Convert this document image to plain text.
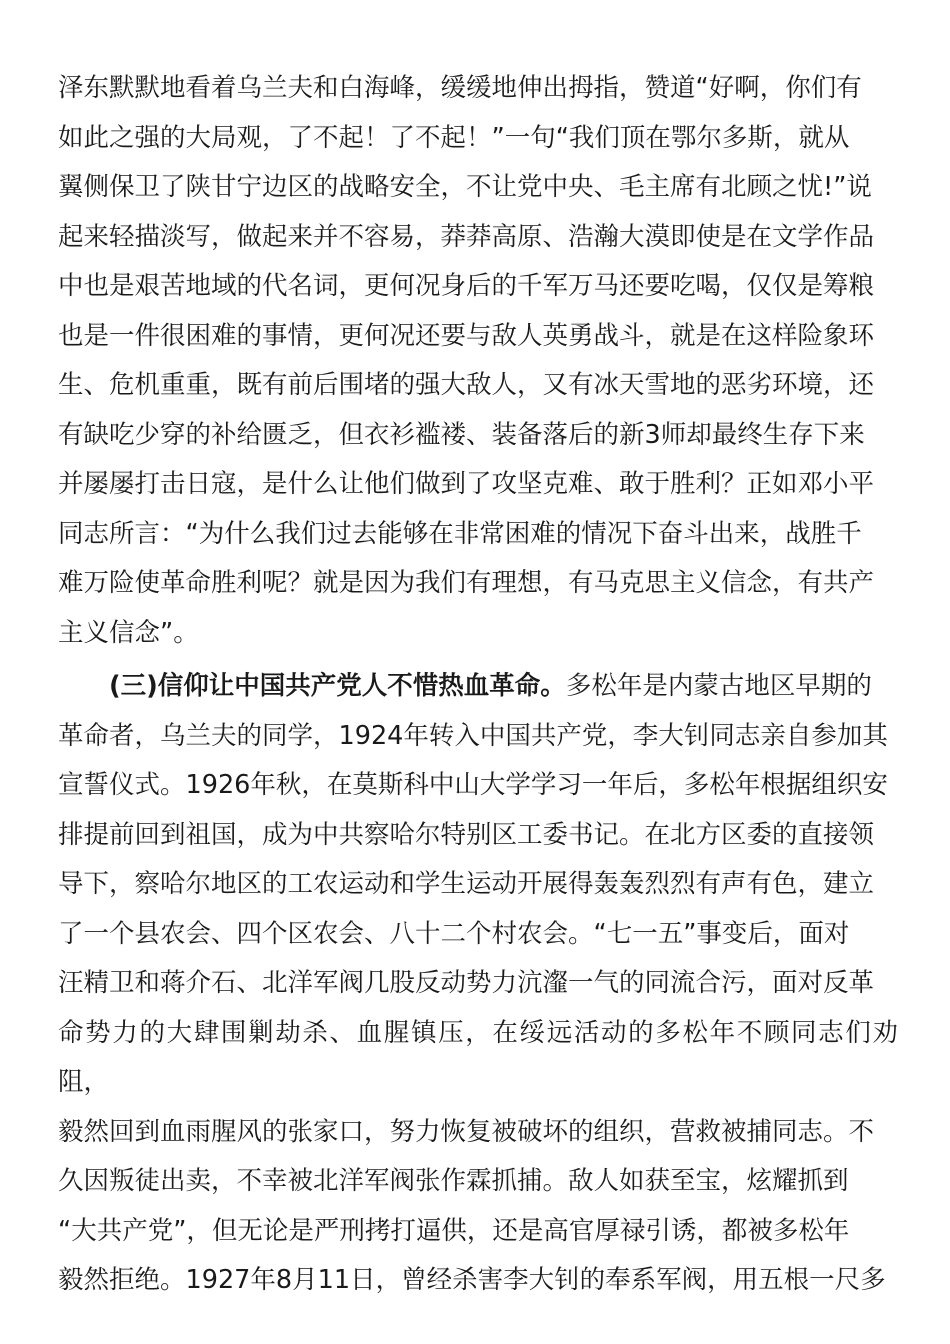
泽东默默地看着乌兰夫和白海峰，缓缓地伸出拇指，赞道“好啊，你们有
如此之强的大局观，了不起！了不起！”一句“我们顶在鄂尔多斯，就从
翼侧保卫了陕甘宁边区的战略安全，不让党中央、毛主席有北顾之忧!”说
起来轻描淡写，做起来并不容易，莽莽高原、浩瀚大漠即使是在文学作品
中也是艰苦地域的代名词，更何况身后的千军万马还要吃喝，仅仅是筹粮
也是一件很困难的事情，更何况还要与敌人英勇战斗，就是在这样险象环
生、危机重重，既有前后围堵的强大敌人，又有冰天雪地的恶劣环境，还
有缺吃少穿的补给匮乏，但衣衫褴褛、装备落后的新3师却最终生存下来
并屡屡打击日寇，是什么让他们做到了攻坚克难、敢于胜利？正如邓小平
同志所言：“为什么我们过去能够在非常困难的情况下奋斗出来，战胜千
难万险使革命胜利呢？就是因为我们有理想，有马克思主义信念，有共产
主义信念”。

(三)信仰让中国共产党人不惜热血革命。多松年是内蒙古地区早期的
革命者，乌兰夫的同学，1924年转入中国共产党，李大钊同志亲自参加其
宣誓仪式。1926年秋，在莫斯科中山大学学习一年后，多松年根据组织安
排提前回到祖国，成为中共察哈尔特别区工委书记。在北方区委的直接领
导下，察哈尔地区的工农运动和学生运动开展得轰轰烈烈有声有色，建立
了一个县农会、四个区农会、八十二个村农会。“七一五”事变后，面对
汪精卫和蒋介石、北洋军阀几股反动势力沆瀣一气的同流合污，面对反革
命势力的大肆围剿劫杀、血腥镇压，在绥远活动的多松年不顾同志们劝阻，
毅然回到血雨腥风的张家口，努力恢复被破坏的组织，营救被捕同志。不
久因叛徒出卖，不幸被北洋军阀张作霖抓捕。敌人如获至宝，炫耀抓到
“大共产党”，但无论是严刑拷打逼供，还是高官厚禄引诱，都被多松年
毅然拒绝。1927年8月11日，曾经杀害李大钊的奉系军阀，用五根一尺多
